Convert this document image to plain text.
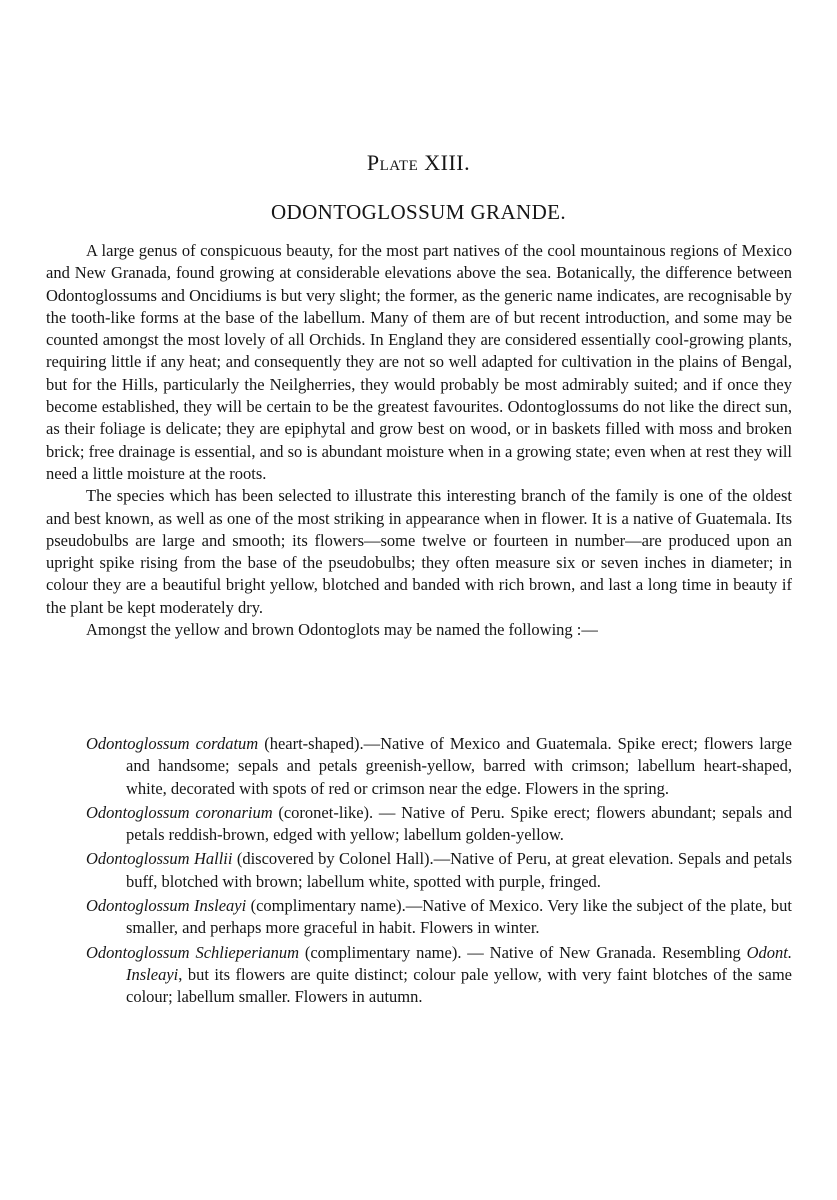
Plate XIII.
ODONTOGLOSSUM GRANDE.

A large genus of conspicuous beauty, for the most part natives of the cool mountainous regions of Mexico and New Granada, found growing at considerable elevations above the sea. Botanically, the difference between Odontoglossums and Oncidiums is but very slight; the former, as the generic name indicates, are recognisable by the tooth-like forms at the base of the labellum. Many of them are of but recent introduction, and some may be counted amongst the most lovely of all Orchids. In England they are considered essentially cool-growing plants, requiring little if any heat; and consequently they are not so well adapted for cultivation in the plains of Bengal, but for the Hills, particularly the Neilgherries, they would probably be most admirably suited; and if once they become established, they will be certain to be the greatest favourites. Odontoglossums do not like the direct sun, as their foliage is delicate; they are epiphytal and grow best on wood, or in baskets filled with moss and broken brick; free drainage is essential, and so is abundant moisture when in a growing state; even when at rest they will need a little moisture at the roots.

The species which has been selected to illustrate this interesting branch of the family is one of the oldest and best known, as well as one of the most striking in appearance when in flower. It is a native of Guatemala. Its pseudobulbs are large and smooth; its flowers—some twelve or fourteen in number—are produced upon an upright spike rising from the base of the pseudobulbs; they often measure six or seven inches in diameter; in colour they are a beautiful bright yellow, blotched and banded with rich brown, and last a long time in beauty if the plant be kept moderately dry.

Amongst the yellow and brown Odontoglots may be named the following :—

Odontoglossum cordatum (heart-shaped).—Native of Mexico and Guatemala. Spike erect; flowers large and handsome; sepals and petals greenish-yellow, barred with crimson; labellum heart-shaped, white, decorated with spots of red or crimson near the edge. Flowers in the spring.
Odontoglossum coronarium (coronet-like). — Native of Peru. Spike erect; flowers abundant; sepals and petals reddish-brown, edged with yellow; labellum golden-yellow.
Odontoglossum Hallii (discovered by Colonel Hall).—Native of Peru, at great elevation. Sepals and petals buff, blotched with brown; labellum white, spotted with purple, fringed.
Odontoglossum Insleayi (complimentary name).—Native of Mexico. Very like the subject of the plate, but smaller, and perhaps more graceful in habit. Flowers in winter.
Odontoglossum Schlieperianum (complimentary name). — Native of New Granada. Resembling Odont. Insleayi, but its flowers are quite distinct; colour pale yellow, with very faint blotches of the same colour; labellum smaller. Flowers in autumn.
